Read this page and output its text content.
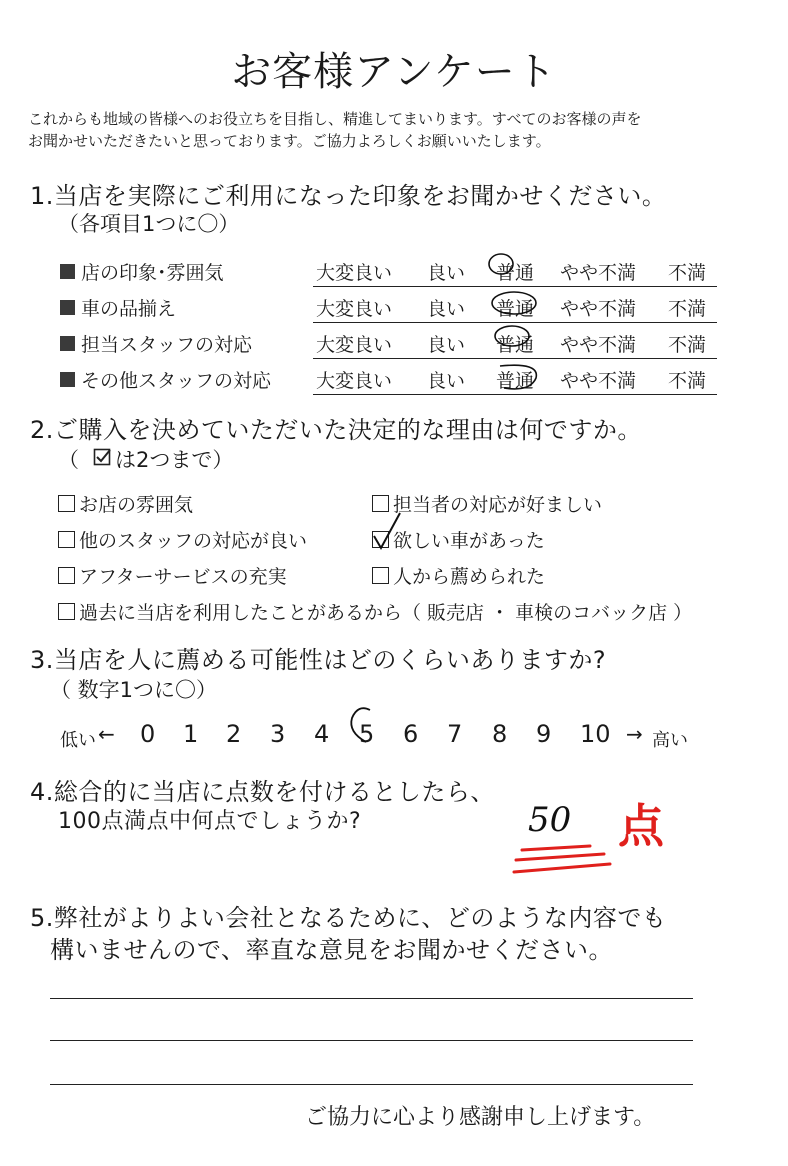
お客様アンケート
これからも地域の皆様へのお役立ちを目指し、精進してまいります。すべてのお客様の声を
お聞かせいただきたいと思っております。ご協力よろしくお願いいたします。
1.当店を実際にご利用になった印象をお聞かせください。
（各項目1つに〇）
店の印象･雰囲気	大変良い 良い 普通 やや不満 不満
車の品揃え	大変良い 良い 普通 やや不満 不満
担当スタッフの対応	大変良い 良い 普通 やや不満 不満
その他スタッフの対応 大変良い 良い 普通 やや不満 不満
2.ご購入を決めていただいた決定的な理由は何ですか。
（ は2つまで）
お店の雰囲気	担当者の対応が好ましい
他のスタッフの対応が良い	欲しい車があった
アフターサービスの充実	人から薦められた
過去に当店を利用したことがあるから（ 販売店 ・ 車検のコバック店 ）
3.当店を人に薦める可能性はどのくらいありますか?
（ 数字1つに〇）
低い ← 0 1 2 3 4 5 6 7 8 9 10 → 高い
4.総合的に当店に点数を付けるとしたら、
100点満点中何点でしょうか?	50 点
5.弊社がよりよい会社となるために、どのような内容でも
構いませんので、率直な意見をお聞かせください。
ご協力に心より感謝申し上げます。
